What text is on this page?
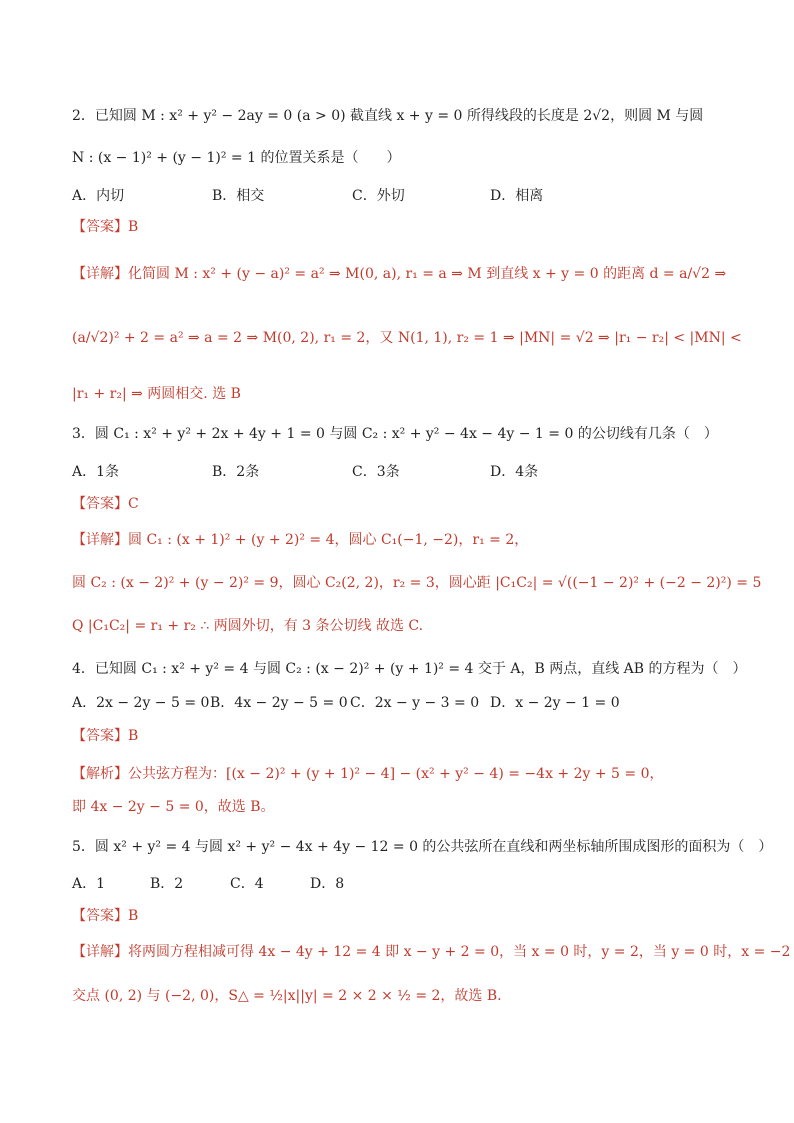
2．已知圆 M : x² + y² − 2ay = 0 (a > 0) 截直线 x + y = 0 所得线段的长度是 2√2，则圆 M 与圆
N : (x − 1)² + (y − 1)² = 1 的位置关系是（　　）
A．内切	B．相交	C．外切	D．相离
【答案】B
【详解】化简圆 M : x² + (y − a)² = a² ⇒ M(0, a), r₁ = a ⇒ M 到直线 x + y = 0 的距离 d = a/√2 ⇒
(a/√2)² + 2 = a² ⇒ a = 2 ⇒ M(0, 2), r₁ = 2，又 N(1, 1), r₂ = 1 ⇒ |MN| = √2 ⇒ |r₁ − r₂| < |MN| <
|r₁ + r₂| ⇒ 两圆相交. 选 B
3．圆 C₁ : x² + y² + 2x + 4y + 1 = 0 与圆 C₂ : x² + y² − 4x − 4y − 1 = 0 的公切线有几条（　）
A．1条	B．2条	C．3条	D．4条
【答案】C
【详解】圆 C₁ : (x + 1)² + (y + 2)² = 4，圆心 C₁(−1, −2)，r₁ = 2，
圆 C₂ : (x − 2)² + (y − 2)² = 9，圆心 C₂(2, 2)，r₂ = 3，圆心距 |C₁C₂| = √((−1 − 2)² + (−2 − 2)²) = 5
Q |C₁C₂| = r₁ + r₂ ∴ 两圆外切，有 3 条公切线 故选 C.
4．已知圆 C₁ : x² + y² = 4 与圆 C₂ : (x − 2)² + (y + 1)² = 4 交于 A，B 两点，直线 AB 的方程为（　）
A．2x − 2y − 5 = 0B．4x − 2y − 5 = 0 C．2x − y − 3 = 0 D．x − 2y − 1 = 0
【答案】B
【解析】公共弦方程为：[(x − 2)² + (y + 1)² − 4] − (x² + y² − 4) = −4x + 2y + 5 = 0，
即 4x − 2y − 5 = 0，故选 B。
5．圆 x² + y² = 4 与圆 x² + y² − 4x + 4y − 12 = 0 的公共弦所在直线和两坐标轴所围成图形的面积为（　）
A．1	B．2	C．4	D．8
【答案】B
【详解】将两圆方程相减可得 4x − 4y + 12 = 4 即 x − y + 2 = 0，当 x = 0 时，y = 2，当 y = 0 时，x = −2
交点 (0, 2) 与 (−2, 0)，S△ = ½|x||y| = 2 × 2 × ½ = 2，故选 B.
